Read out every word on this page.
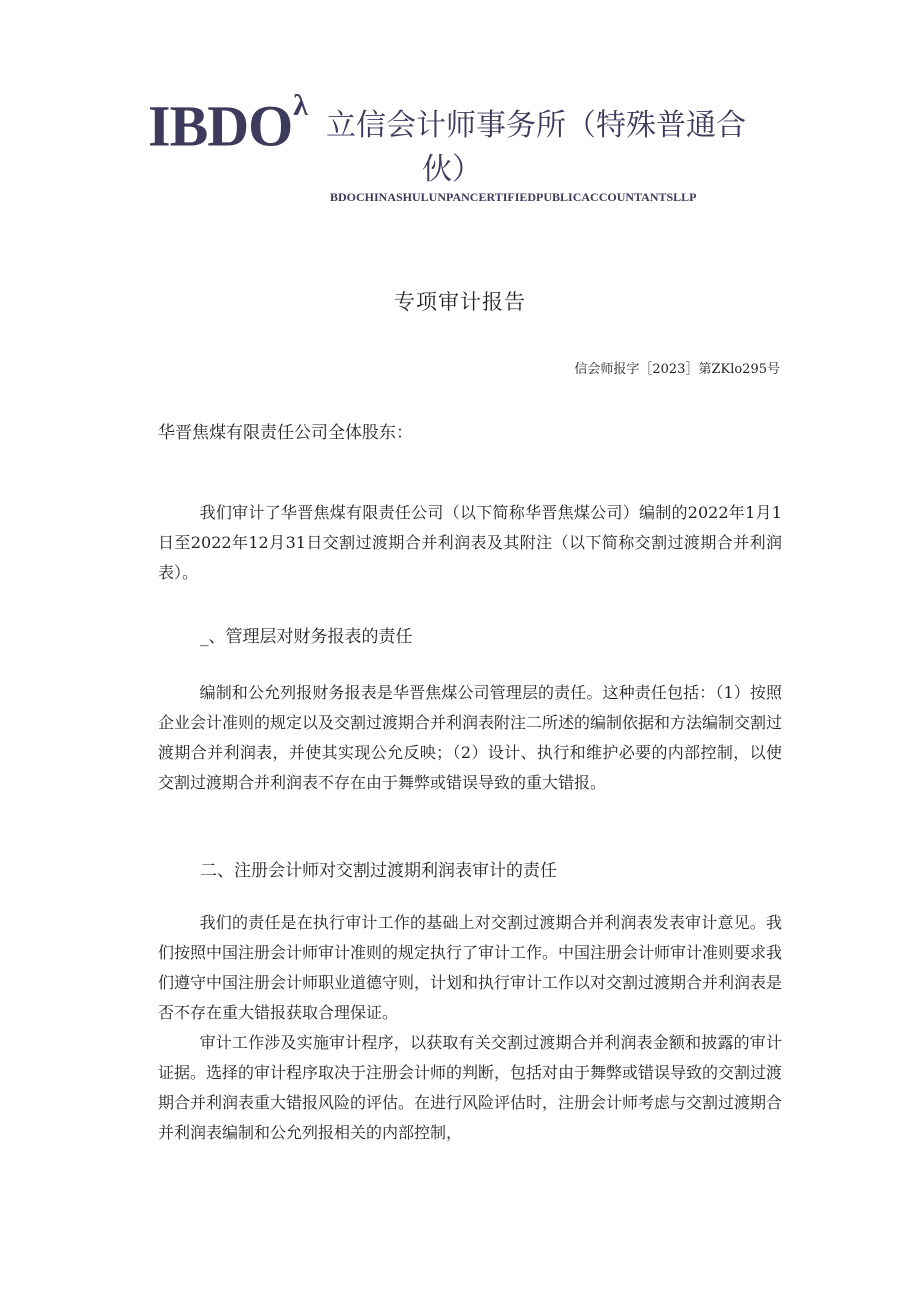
$IBDO^\lambda$
立信会计师事务所（特殊普通合
伙）
BDOCHINASHULUNPANCERTIFIEDPUBLICACCOUNTANTSLLP
专项审计报告
信会师报字［2023］第ZKlo295号
华晋焦煤有限责任公司全体股东：

我们审计了华晋焦煤有限责任公司（以下简称华晋焦煤公司）编制的2022年1月1日至2022年12月31日交割过渡期合并利润表及其附注（以下简称交割过渡期合并利润表）。

_、管理层对财务报表的责任

编制和公允列报财务报表是华晋焦煤公司管理层的责任。这种责任包括：（1）按照企业会计准则的规定以及交割过渡期合并利润表附注二所述的编制依据和方法编制交割过渡期合并利润表，并使其实现公允反映；（2）设计、执行和维护必要的内部控制，以使交割过渡期合并利润表不存在由于舞弊或错误导致的重大错报。

二、注册会计师对交割过渡期利润表审计的责任

我们的责任是在执行审计工作的基础上对交割过渡期合并利润表发表审计意见。我们按照中国注册会计师审计准则的规定执行了审计工作。中国注册会计师审计准则要求我们遵守中国注册会计师职业道德守则，计划和执行审计工作以对交割过渡期合并利润表是否不存在重大错报获取合理保证。

审计工作涉及实施审计程序，以获取有关交割过渡期合并利润表金额和披露的审计证据。选择的审计程序取决于注册会计师的判断，包括对由于舞弊或错误导致的交割过渡期合并利润表重大错报风险的评估。在进行风险评估时，注册会计师考虑与交割过渡期合并利润表编制和公允列报相关的内部控制，
